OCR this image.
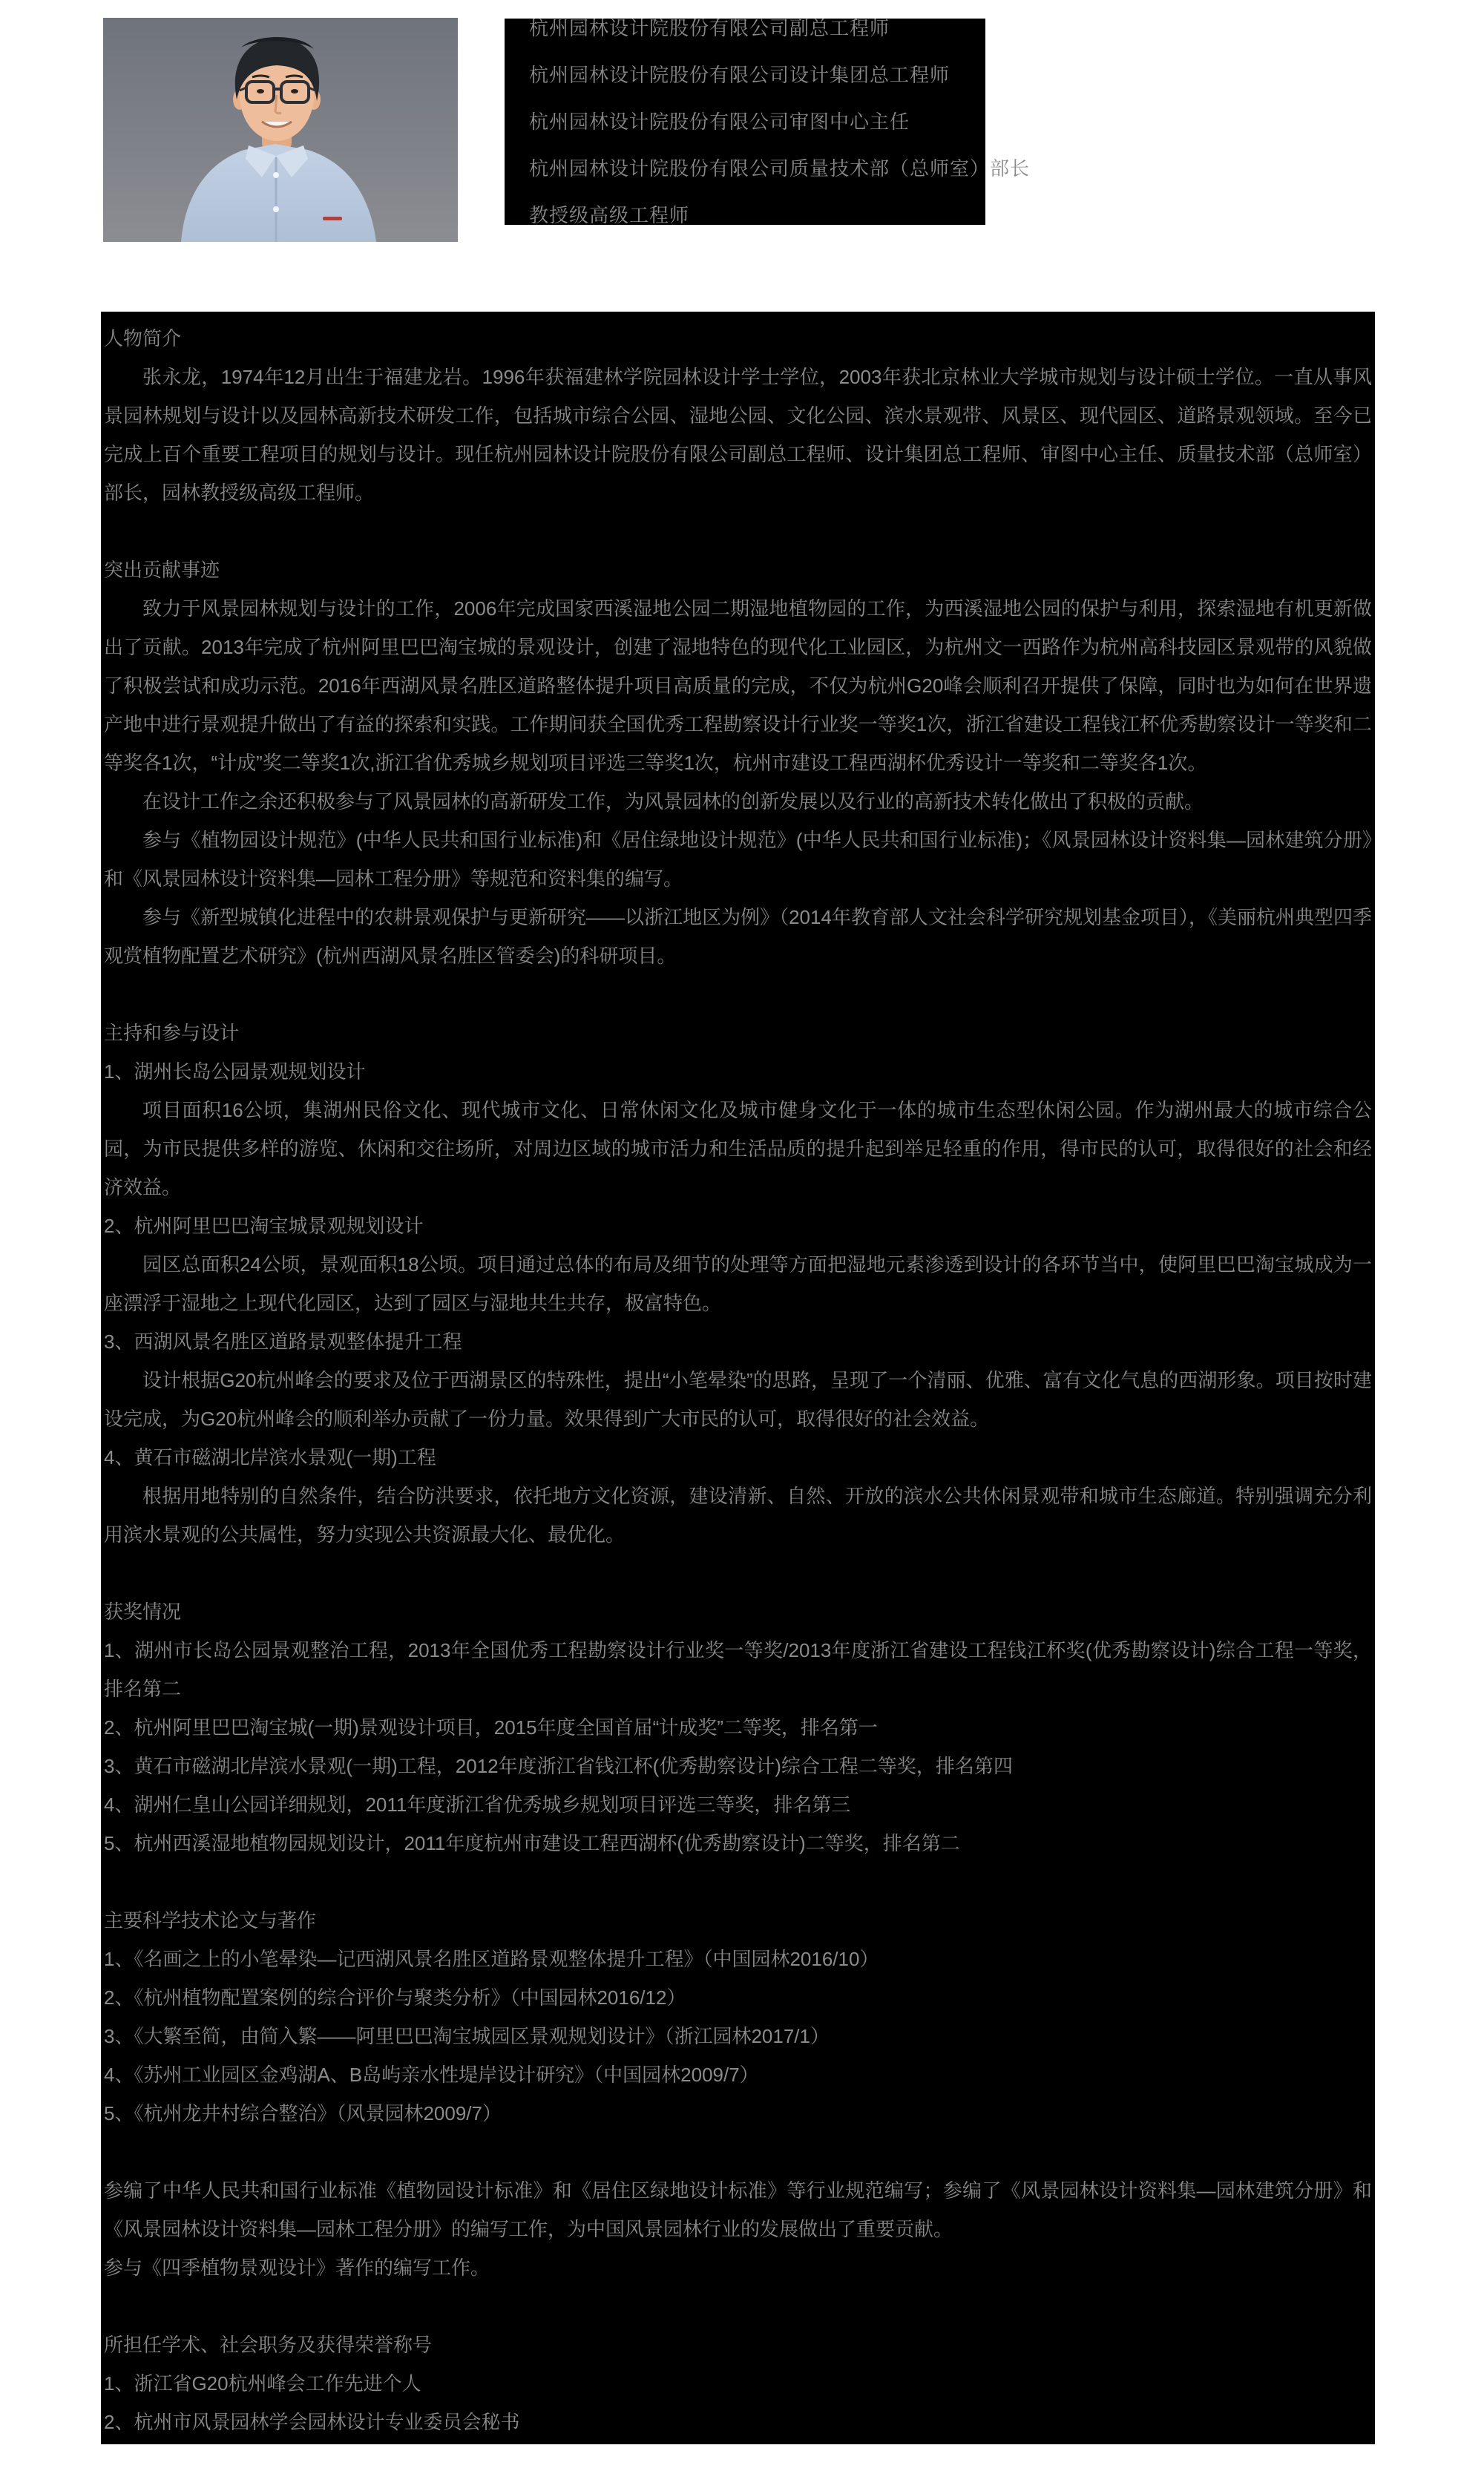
杭州园林设计院股份有限公司副总工程师
杭州园林设计院股份有限公司设计集团总工程师
杭州园林设计院股份有限公司审图中心主任
杭州园林设计院股份有限公司质量技术部（总师室）部长
教授级高级工程师
人物简介

张永龙，1974年12月出生于福建龙岩。1996年获福建林学院园林设计学士学位，2003年获北京林业大学城市规划与设计硕士学位。一直从事风景园林规划与设计以及园林高新技术研发工作，包括城市综合公园、湿地公园、文化公园、滨水景观带、风景区、现代园区、道路景观领域。至今已完成上百个重要工程项目的规划与设计。现任杭州园林设计院股份有限公司副总工程师、设计集团总工程师、审图中心主任、质量技术部（总师室）部长，园林教授级高级工程师。

突出贡献事迹

致力于风景园林规划与设计的工作，2006年完成国家西溪湿地公园二期湿地植物园的工作，为西溪湿地公园的保护与利用，探索湿地有机更新做出了贡献。2013年完成了杭州阿里巴巴淘宝城的景观设计，创建了湿地特色的现代化工业园区，为杭州文一西路作为杭州高科技园区景观带的风貌做了积极尝试和成功示范。2016年西湖风景名胜区道路整体提升项目高质量的完成，不仅为杭州G20峰会顺利召开提供了保障，同时也为如何在世界遗产地中进行景观提升做出了有益的探索和实践。工作期间获全国优秀工程勘察设计行业奖一等奖1次，浙江省建设工程钱江杯优秀勘察设计一等奖和二等奖各1次，“计成”奖二等奖1次,浙江省优秀城乡规划项目评选三等奖1次，杭州市建设工程西湖杯优秀设计一等奖和二等奖各1次。

在设计工作之余还积极参与了风景园林的高新研发工作，为风景园林的创新发展以及行业的高新技术转化做出了积极的贡献。

参与《植物园设计规范》(中华人民共和国行业标准)和《居住绿地设计规范》(中华人民共和国行业标准)；《风景园林设计资料集—园林建筑分册》和《风景园林设计资料集—园林工程分册》等规范和资料集的编写。

参与《新型城镇化进程中的农耕景观保护与更新研究——以浙江地区为例》（2014年教育部人文社会科学研究规划基金项目），《美丽杭州典型四季观赏植物配置艺术研究》(杭州西湖风景名胜区管委会)的科研项目。

主持和参与设计

1、湖州长岛公园景观规划设计

项目面积16公顷，集湖州民俗文化、现代城市文化、日常休闲文化及城市健身文化于一体的城市生态型休闲公园。作为湖州最大的城市综合公园，为市民提供多样的游览、休闲和交往场所，对周边区域的城市活力和生活品质的提升起到举足轻重的作用，得市民的认可，取得很好的社会和经济效益。

2、杭州阿里巴巴淘宝城景观规划设计

园区总面积24公顷，景观面积18公顷。项目通过总体的布局及细节的处理等方面把湿地元素渗透到设计的各环节当中，使阿里巴巴淘宝城成为一座漂浮于湿地之上现代化园区，达到了园区与湿地共生共存，极富特色。

3、西湖风景名胜区道路景观整体提升工程

设计根据G20杭州峰会的要求及位于西湖景区的特殊性，提出“小笔晕染”的思路，呈现了一个清丽、优雅、富有文化气息的西湖形象。项目按时建设完成，为G20杭州峰会的顺利举办贡献了一份力量。效果得到广大市民的认可，取得很好的社会效益。

4、黄石市磁湖北岸滨水景观(一期)工程

根据用地特别的自然条件，结合防洪要求，依托地方文化资源，建设清新、自然、开放的滨水公共休闲景观带和城市生态廊道。特别强调充分利用滨水景观的公共属性，努力实现公共资源最大化、最优化。

获奖情况

1、湖州市长岛公园景观整治工程，2013年全国优秀工程勘察设计行业奖一等奖/2013年度浙江省建设工程钱江杯奖(优秀勘察设计)综合工程一等奖，排名第二

2、杭州阿里巴巴淘宝城(一期)景观设计项目，2015年度全国首届“计成奖”二等奖，排名第一

3、黄石市磁湖北岸滨水景观(一期)工程，2012年度浙江省钱江杯(优秀勘察设计)综合工程二等奖，排名第四

4、湖州仁皇山公园详细规划，2011年度浙江省优秀城乡规划项目评选三等奖，排名第三

5、杭州西溪湿地植物园规划设计，2011年度杭州市建设工程西湖杯(优秀勘察设计)二等奖，排名第二

主要科学技术论文与著作

1、《名画之上的小笔晕染—记西湖风景名胜区道路景观整体提升工程》（中国园林2016/10）

2、《杭州植物配置案例的综合评价与聚类分析》（中国园林2016/12）

3、《大繁至简，由简入繁——阿里巴巴淘宝城园区景观规划设计》（浙江园林2017/1）

4、《苏州工业园区金鸡湖A、B岛屿亲水性堤岸设计研究》（中国园林2009/7）

5、《杭州龙井村综合整治》（风景园林2009/7）

参编了中华人民共和国行业标准《植物园设计标准》和《居住区绿地设计标准》等行业规范编写；参编了《风景园林设计资料集—园林建筑分册》和《风景园林设计资料集—园林工程分册》的编写工作，为中国风景园林行业的发展做出了重要贡献。

参与《四季植物景观设计》著作的编写工作。

所担任学术、社会职务及获得荣誉称号

1、浙江省G20杭州峰会工作先进个人

2、杭州市风景园林学会园林设计专业委员会秘书
